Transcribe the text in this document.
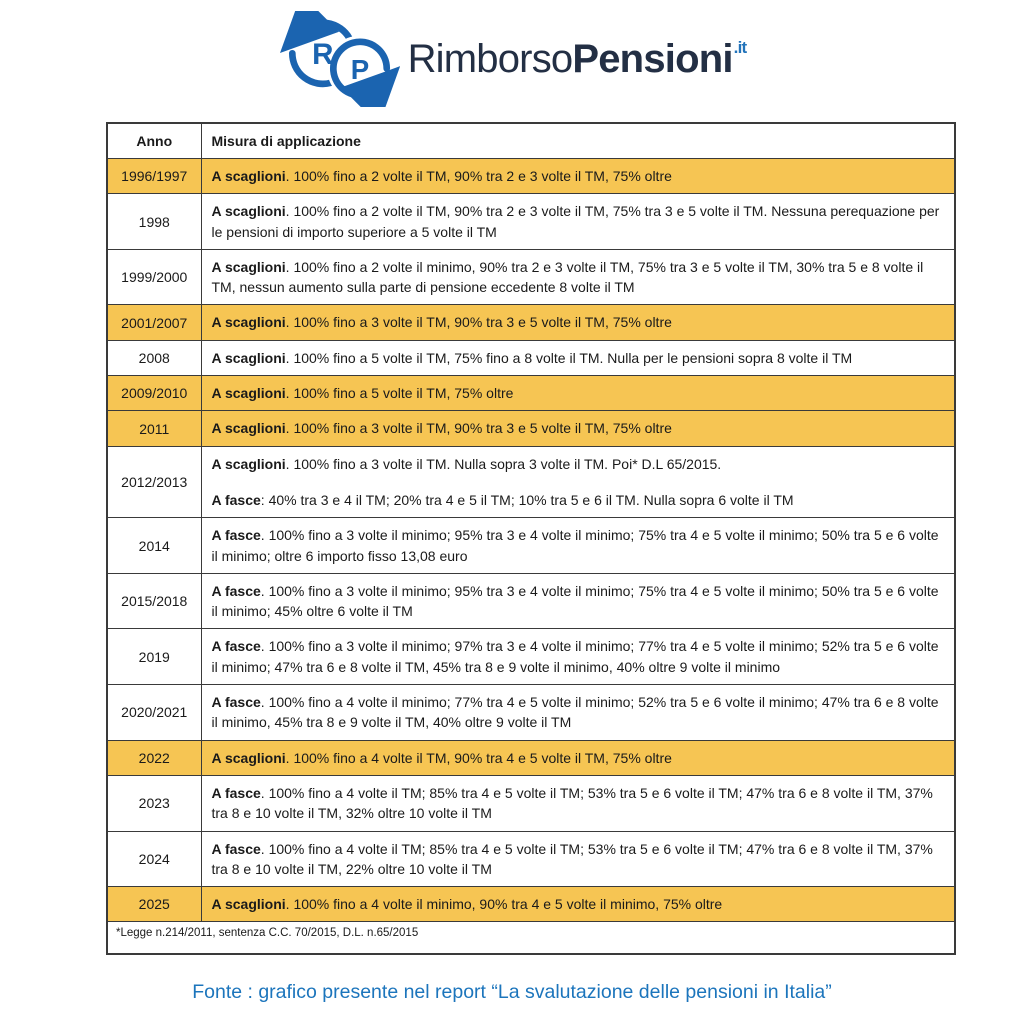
R P Rimborso Pensioni .it
Anno	Misura di applicazione
1996/1997	A scaglioni. 100% fino a 2 volte il TM, 90% tra 2 e 3 volte il TM, 75% oltre

1998	A scaglioni. 100% fino a 2 volte il TM, 90% tra 2 e 3 volte il TM, 75% tra 3 e 5 volte il TM. Nessuna perequazione per le pensioni di importo superiore a 5 volte il TM

1999/2000	A scaglioni. 100% fino a 2 volte il minimo, 90% tra 2 e 3 volte il TM, 75% tra 3 e 5 volte il TM, 30% tra 5 e 8 volte il TM, nessun aumento sulla parte di pensione eccedente 8 volte il TM

2001/2007	A scaglioni. 100% fino a 3 volte il TM, 90% tra 3 e 5 volte il TM, 75% oltre

2008	A scaglioni. 100% fino a 5 volte il TM, 75% fino a 8 volte il TM. Nulla per le pensioni sopra 8 volte il TM

2009/2010	A scaglioni. 100% fino a 5 volte il TM, 75% oltre

2011	A scaglioni. 100% fino a 3 volte il TM, 90% tra 3 e 5 volte il TM, 75% oltre

2012/2013	A scaglioni. 100% fino a 3 volte il TM. Nulla sopra 3 volte il TM. Poi* D.L 65/2015.

A fasce: 40% tra 3 e 4 il TM; 20% tra 4 e 5 il TM; 10% tra 5 e 6 il TM. Nulla sopra 6 volte il TM

2014	A fasce. 100% fino a 3 volte il minimo; 95% tra 3 e 4 volte il minimo; 75% tra 4 e 5 volte il minimo; 50% tra 5 e 6 volte il minimo; oltre 6 importo fisso 13,08 euro

2015/2018	A fasce. 100% fino a 3 volte il minimo; 95% tra 3 e 4 volte il minimo; 75% tra 4 e 5 volte il minimo; 50% tra 5 e 6 volte il minimo; 45% oltre 6 volte il TM

2019	A fasce. 100% fino a 3 volte il minimo; 97% tra 3 e 4 volte il minimo; 77% tra 4 e 5 volte il minimo; 52% tra 5 e 6 volte il minimo; 47% tra 6 e 8 volte il TM, 45% tra 8 e 9 volte il minimo, 40% oltre 9 volte il minimo

2020/2021	A fasce. 100% fino a 4 volte il minimo; 77% tra 4 e 5 volte il minimo; 52% tra 5 e 6 volte il minimo; 47% tra 6 e 8 volte il minimo, 45% tra 8 e 9 volte il TM, 40% oltre 9 volte il TM

2022	A scaglioni. 100% fino a 4 volte il TM, 90% tra 4 e 5 volte il TM, 75% oltre

2023	A fasce. 100% fino a 4 volte il TM; 85% tra 4 e 5 volte il TM; 53% tra 5 e 6 volte il TM; 47% tra 6 e 8 volte il TM, 37% tra 8 e 10 volte il TM, 32% oltre 10 volte il TM

2024	A fasce. 100% fino a 4 volte il TM; 85% tra 4 e 5 volte il TM; 53% tra 5 e 6 volte il TM; 47% tra 6 e 8 volte il TM, 37% tra 8 e 10 volte il TM, 22% oltre 10 volte il TM

2025	A scaglioni. 100% fino a 4 volte il minimo, 90% tra 4 e 5 volte il minimo, 75% oltre

*Legge n.214/2011, sentenza C.C. 70/2015, D.L. n.65/2015	
Fonte : grafico presente nel report “La svalutazione delle pensioni in Italia”
